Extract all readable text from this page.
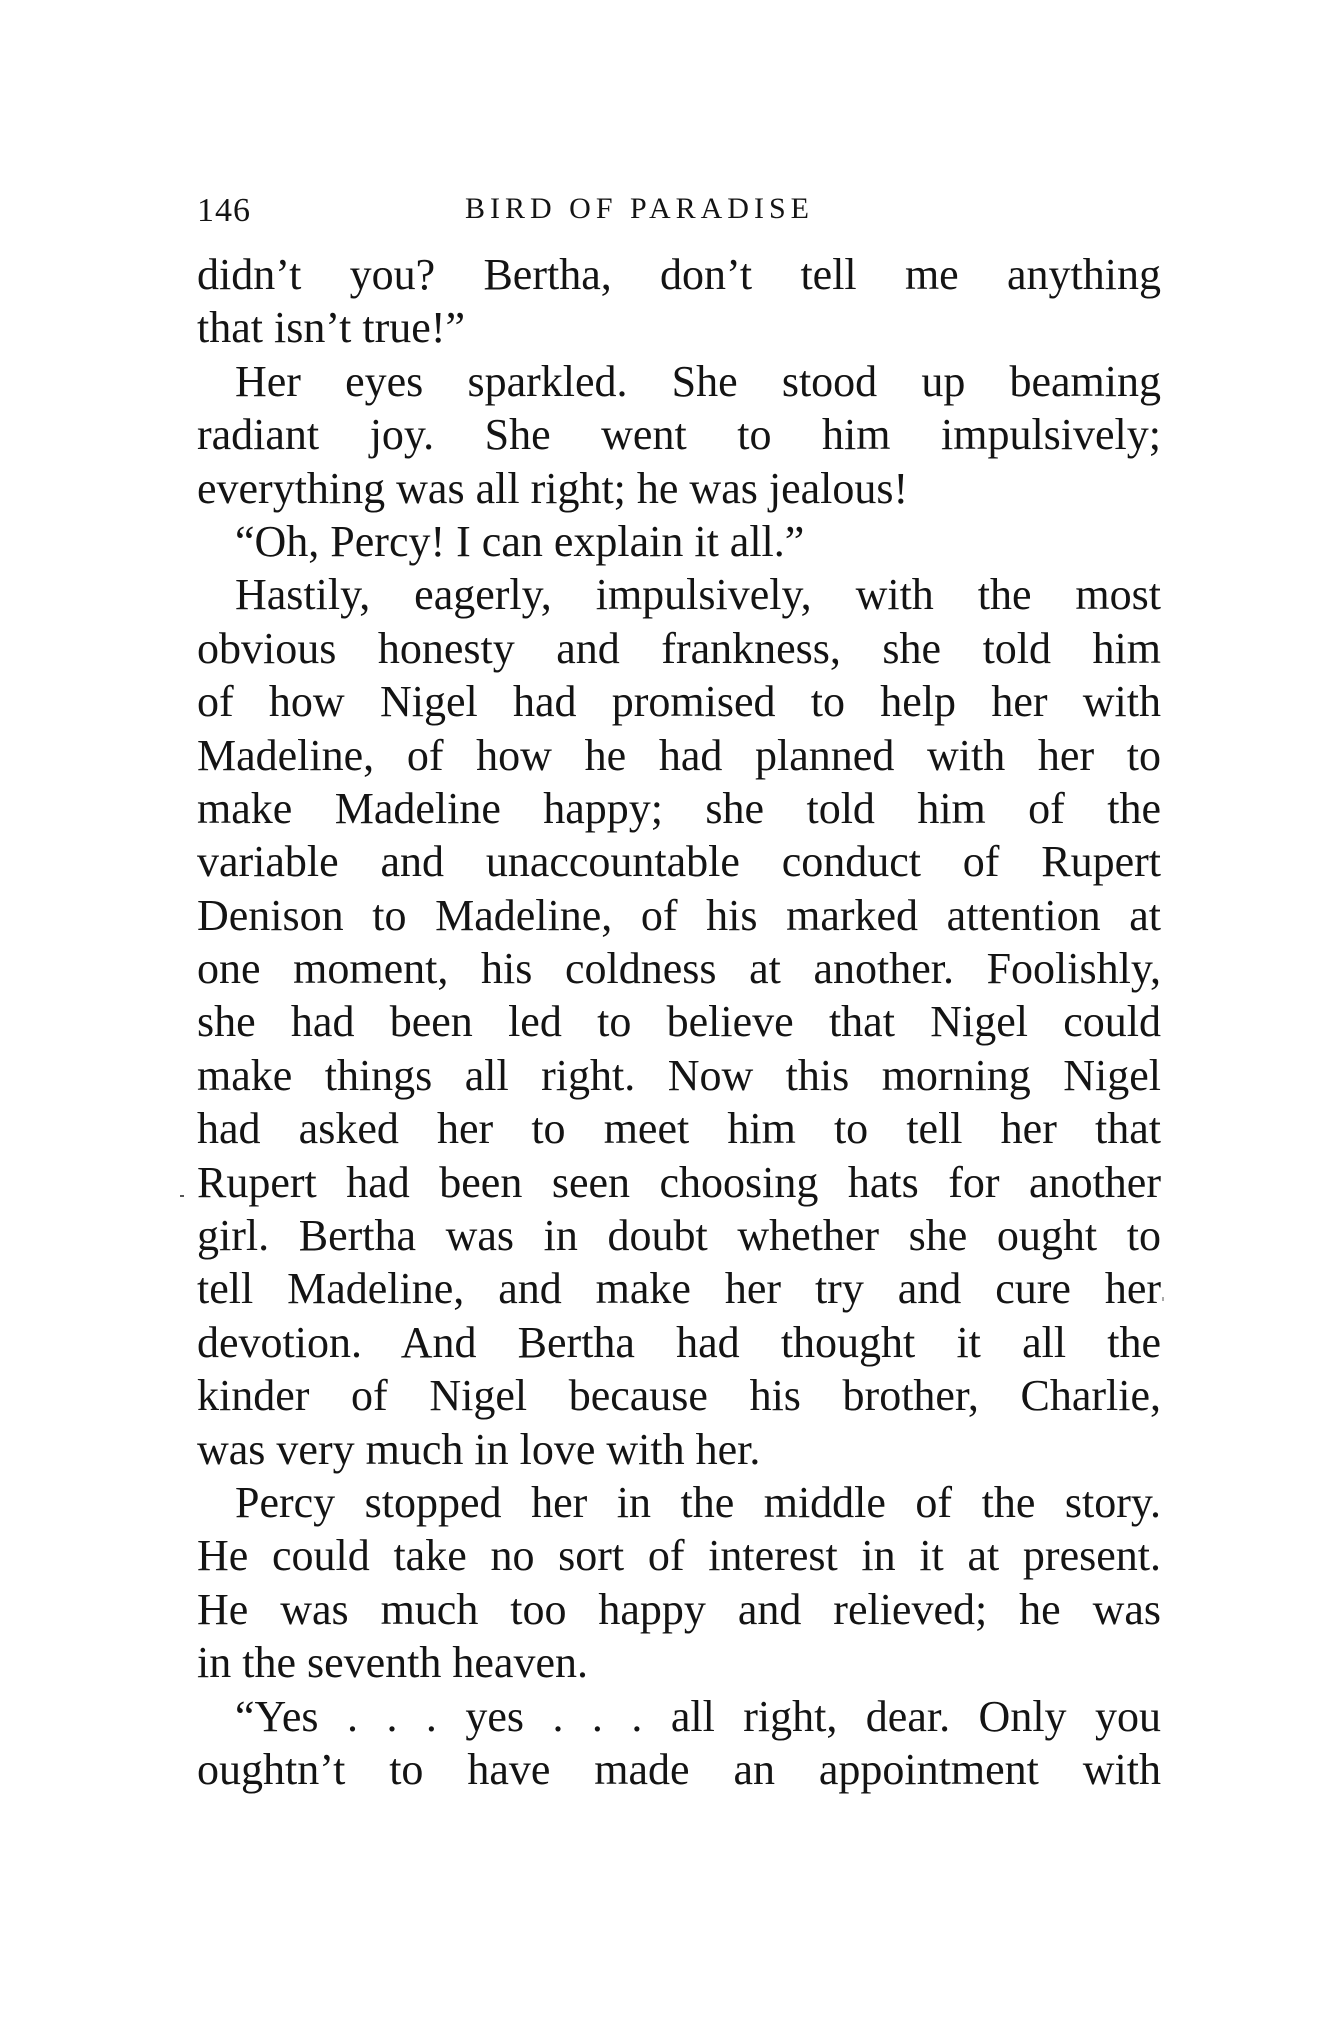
146	BIRD OF PARADISE
didn’t you? Bertha, don’t tell me anything
that isn’t true!”
Her eyes sparkled. She stood up beaming
radiant joy. She went to him impulsively;
everything was all right; he was jealous!
“Oh, Percy! I can explain it all.”
Hastily, eagerly, impulsively, with the most
obvious honesty and frankness, she told him
of how Nigel had promised to help her with
Madeline, of how he had planned with her to
make Madeline happy; she told him of the
variable and unaccountable conduct of Rupert
Denison to Madeline, of his marked attention at
one moment, his coldness at another. Foolishly,
she had been led to believe that Nigel could
make things all right. Now this morning Nigel
had asked her to meet him to tell her that
Rupert had been seen choosing hats for another
girl. Bertha was in doubt whether she ought to
tell Madeline, and make her try and cure her
devotion. And Bertha had thought it all the
kinder of Nigel because his brother, Charlie,
was very much in love with her.
Percy stopped her in the middle of the story.
He could take no sort of interest in it at present.
He was much too happy and relieved; he was
in the seventh heaven.
“Yes . . . yes . . . all right, dear. Only you
oughtn’t to have made an appointment with
